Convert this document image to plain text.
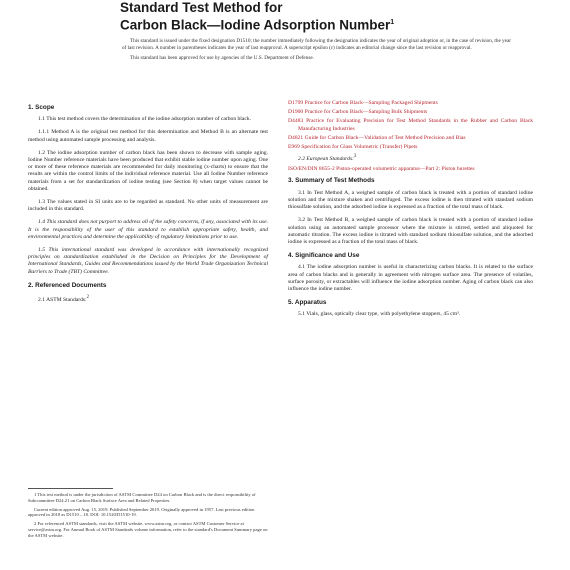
Standard Test Method for

Carbon Black—Iodine Adsorption Number$^1$

This standard is issued under the fixed designation D1510; the number immediately following the designation indicates the year of original adoption or, in the case of revision, the year of last revision. A number in parentheses indicates the year of last reapproval. A superscript epsilon (ε) indicates an editorial change since the last revision or reapproval.

This standard has been approved for use by agencies of the U.S. Department of Defense.

1. Scope

1.1 This test method covers the determination of the iodine adsorption number of carbon black.

1.1.1 Method A is the original test method for this determination and Method B is an alternate test method using automated sample processing and analysis.

1.2 The iodine adsorption number of carbon black has been shown to decrease with sample aging. Iodine Number reference materials have been produced that exhibit stable iodine number upon aging. One or more of these reference materials are recommended for daily monitoring (x-charts) to ensure that the results are within the control limits of the individual reference material. Use all Iodine Number reference materials from a set for standardization of iodine testing (see Section 8) when target values cannot be obtained.

1.3 The values stated in SI units are to be regarded as standard. No other units of measurement are included in this standard.

1.4 This standard does not purport to address all of the safety concerns, if any, associated with its use. It is the responsibility of the user of this standard to establish appropriate safety, health, and environmental practices and determine the applicability of regulatory limitations prior to use.

1.5 This international standard was developed in accordance with internationally recognized principles on standardization established in the Decision on Principles for the Development of International Standards, Guides and Recommendations issued by the World Trade Organization Technical Barriers to Trade (TBT) Committee.

2. Referenced Documents

2.1 ASTM Standards:$^2$

D1799 Practice for Carbon Black—Sampling Packaged Shipments

D1900 Practice for Carbon Black—Sampling Bulk Shipments

D4483 Practice for Evaluating Precision for Test Method Standards in the Rubber and Carbon Black Manufacturing Industries

D4821 Guide for Carbon Black—Validation of Test Method Precision and Bias

E969 Specification for Glass Volumetric (Transfer) Pipets

2.2 European Standards:$^3$

ISO/EN/DIN 8655-2 Piston-operated volumetric apparatus—Part 2: Piston burettes

3. Summary of Test Methods

3.1 In Test Method A, a weighed sample of carbon black is treated with a portion of standard iodine solution and the mixture shaken and centrifuged. The excess iodine is then titrated with standard sodium thiosulfate solution, and the adsorbed iodine is expressed as a fraction of the total mass of black.

3.2 In Test Method B, a weighed sample of carbon black is treated with a portion of standard iodine solution using an automated sample processor where the mixture is stirred, settled and aliquoted for automatic titration. The excess iodine is titrated with standard sodium thiosulfate solution, and the adsorbed iodine is expressed as a fraction of the total mass of black.

4. Significance and Use

4.1 The iodine adsorption number is useful in characterizing carbon blacks. It is related to the surface area of carbon blacks and is generally in agreement with nitrogen surface area. The presence of volatiles, surface porosity, or extractables will influence the iodine adsorption number. Aging of carbon black can also influence the iodine number.

5. Apparatus

5.1 Vials, glass, optically clear type, with polyethylene stoppers, 45 cm³.

1 This test method is under the jurisdiction of ASTM Committee D24 on Carbon Black and is the direct responsibility of Subcommittee D24.21 on Carbon Black Surface Area and Related Properties.

Current edition approved Aug. 15, 2019. Published September 2019. Originally approved in 1957. Last previous edition approved in 2018 as D1510 – 18. DOI: 10.1520/D1510-19.

2 For referenced ASTM standards, visit the ASTM website, www.astm.org, or contact ASTM Customer Service at service@astm.org. For Annual Book of ASTM Standards volume information, refer to the standard's Document Summary page on the ASTM website.
